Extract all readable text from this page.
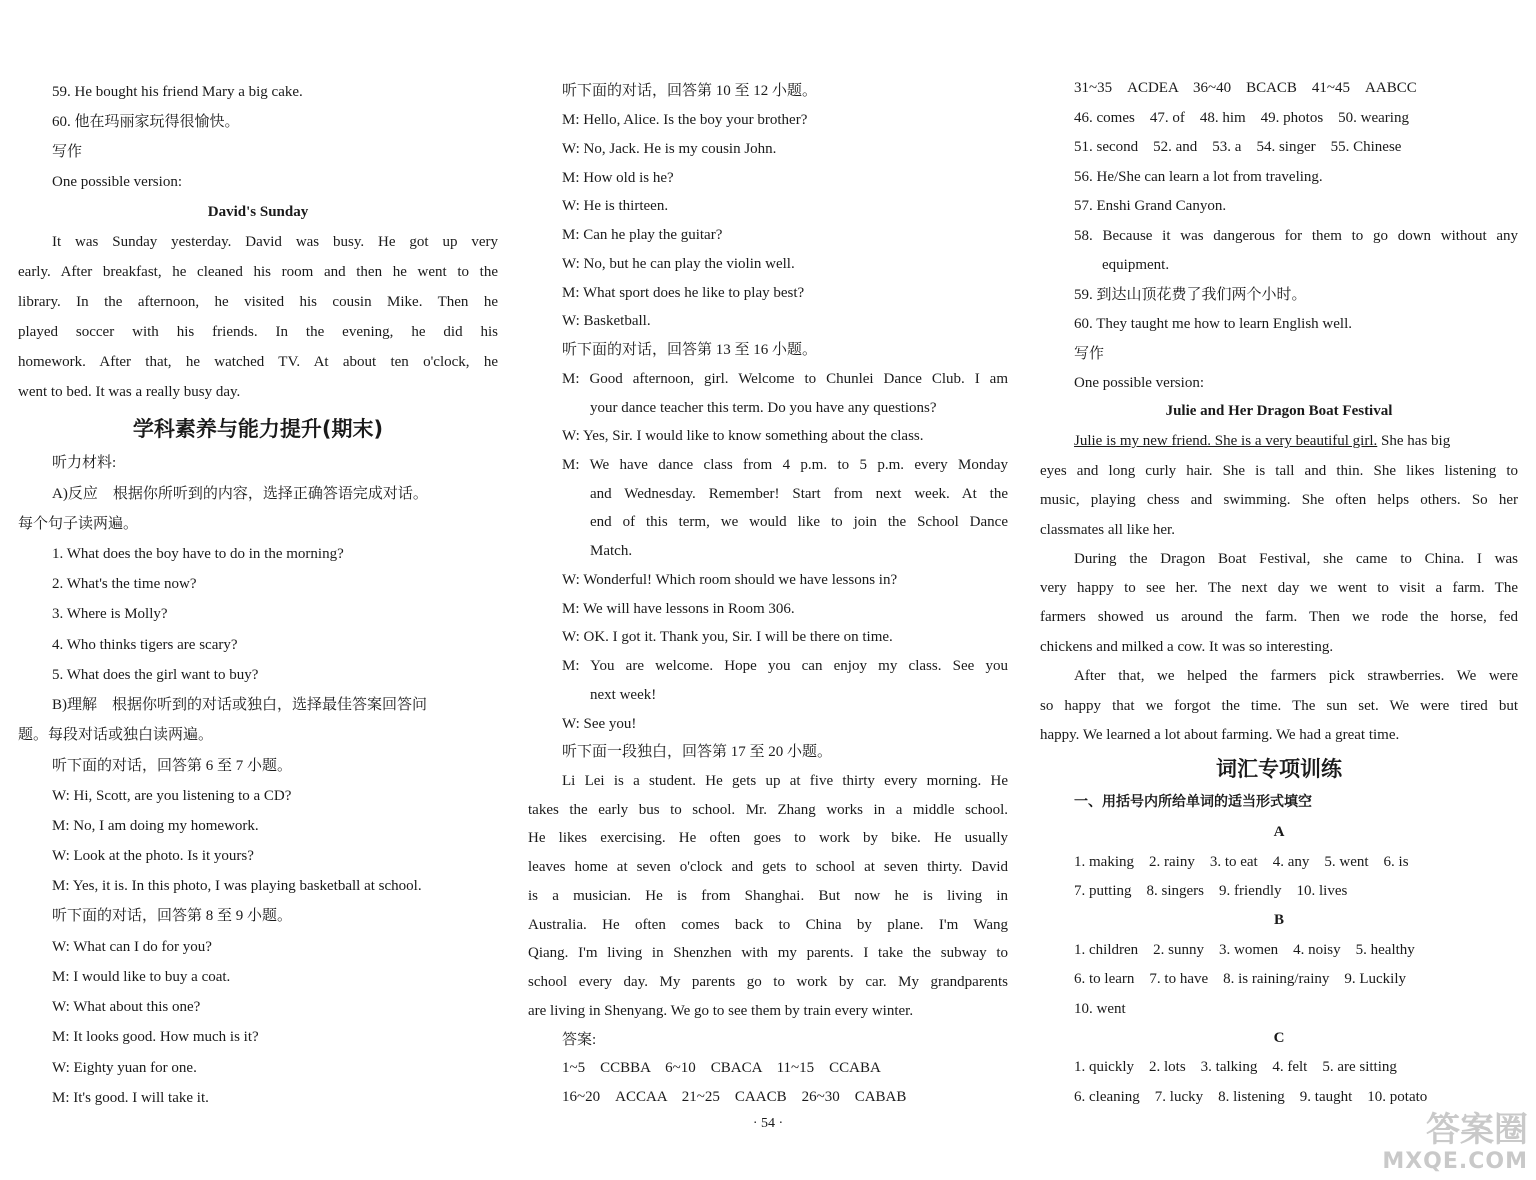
59. He bought his friend Mary a big cake.
60. 他在玛丽家玩得很愉快。
写作
One possible version:
David's Sunday
It was Sunday yesterday. David was busy. He got up very
early. After breakfast, he cleaned his room and then he went to the
library. In the afternoon, he visited his cousin Mike. Then he
played soccer with his friends. In the evening, he did his
homework. After that, he watched TV. At about ten o'clock, he
went to bed. It was a really busy day.
学科素养与能力提升(期末)
听力材料:
A)反应　根据你所听到的内容，选择正确答语完成对话。
每个句子读两遍。
1. What does the boy have to do in the morning?
2. What's the time now?
3. Where is Molly?
4. Who thinks tigers are scary?
5. What does the girl want to buy?
B)理解　根据你听到的对话或独白，选择最佳答案回答问
题。每段对话或独白读两遍。
听下面的对话，回答第 6 至 7 小题。
W: Hi, Scott, are you listening to a CD?
M: No, I am doing my homework.
W: Look at the photo. Is it yours?
M: Yes, it is. In this photo, I was playing basketball at school.
听下面的对话，回答第 8 至 9 小题。
W: What can I do for you?
M: I would like to buy a coat.
W: What about this one?
M: It looks good. How much is it?
W: Eighty yuan for one.
M: It's good. I will take it.
听下面的对话，回答第 10 至 12 小题。
M: Hello, Alice. Is the boy your brother?
W: No, Jack. He is my cousin John.
M: How old is he?
W: He is thirteen.
M: Can he play the guitar?
W: No, but he can play the violin well.
M: What sport does he like to play best?
W: Basketball.
听下面的对话，回答第 13 至 16 小题。
M: Good afternoon, girl. Welcome to Chunlei Dance Club. I am
your dance teacher this term. Do you have any questions?
W: Yes, Sir. I would like to know something about the class.
M: We have dance class from 4 p.m. to 5 p.m. every Monday
and Wednesday. Remember! Start from next week. At the
end of this term, we would like to join the School Dance
Match.
W: Wonderful! Which room should we have lessons in?
M: We will have lessons in Room 306.
W: OK. I got it. Thank you, Sir. I will be there on time.
M: You are welcome. Hope you can enjoy my class. See you
next week!
W: See you!
听下面一段独白，回答第 17 至 20 小题。
Li Lei is a student. He gets up at five thirty every morning. He
takes the early bus to school. Mr. Zhang works in a middle school.
He likes exercising. He often goes to work by bike. He usually
leaves home at seven o'clock and gets to school at seven thirty. David
is a musician. He is from Shanghai. But now he is living in
Australia. He often comes back to China by plane. I'm Wang
Qiang. I'm living in Shenzhen with my parents. I take the subway to
school every day. My parents go to work by car. My grandparents
are living in Shenyang. We go to see them by train every winter.
答案:
1~5　CCBBA　6~10　CBACA　11~15　CCABA
16~20　ACCAA　21~25　CAACB　26~30　CABAB
31~35　ACDEA　36~40　BCACB　41~45　AABCC
46. comes　47. of　48. him　49. photos　50. wearing
51. second　52. and　53. a　54. singer　55. Chinese
56. He/She can learn a lot from traveling.
57. Enshi Grand Canyon.
58. Because it was dangerous for them to go down without any
equipment.
59. 到达山顶花费了我们两个小时。
60. They taught me how to learn English well.
写作
One possible version:
Julie and Her Dragon Boat Festival
Julie is my new friend. She is a very beautiful girl. She has big
eyes and long curly hair. She is tall and thin. She likes listening to
music, playing chess and swimming. She often helps others. So her
classmates all like her.
During the Dragon Boat Festival, she came to China. I was
very happy to see her. The next day we went to visit a farm. The
farmers showed us around the farm. Then we rode the horse, fed
chickens and milked a cow. It was so interesting.
After that, we helped the farmers pick strawberries. We were
so happy that we forgot the time. The sun set. We were tired but
happy. We learned a lot about farming. We had a great time.
词汇专项训练
一、用括号内所给单词的适当形式填空
A
1. making　2. rainy　3. to eat　4. any　5. went　6. is
7. putting　8. singers　9. friendly　10. lives
B
1. children　2. sunny　3. women　4. noisy　5. healthy
6. to learn　7. to have　8. is raining/rainy　9. Luckily
10. went
C
1. quickly　2. lots　3. talking　4. felt　5. are sitting
6. cleaning　7. lucky　8. listening　9. taught　10. potato
· 54 ·	答案圈
MXQE.COM
